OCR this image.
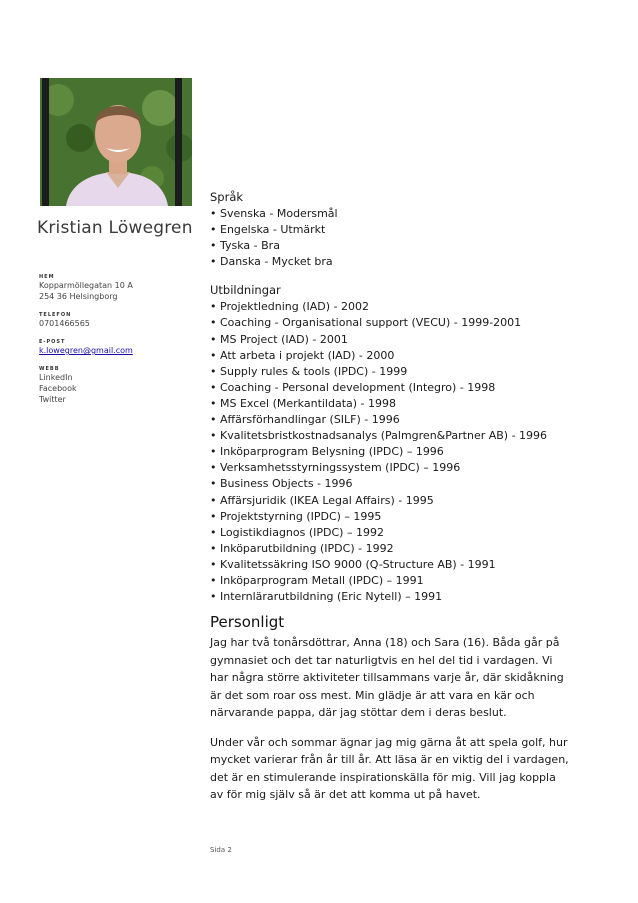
Kristian Löwegren
HEM
Kopparmöllegatan 10 A
254 36 Helsingborg
TELEFON
0701466565
E-POST
k.lowegren@gmail.com
WEBB
LinkedIn
Facebook
Twitter
Språk
• Svenska - Modersmål
• Engelska - Utmärkt
• Tyska - Bra
• Danska - Mycket bra
Utbildningar
• Projektledning (IAD) - 2002
• Coaching - Organisational support (VECU) - 1999-2001
• MS Project (IAD) - 2001
• Att arbeta i projekt (IAD) - 2000
• Supply rules & tools (IPDC) - 1999
• Coaching - Personal development (Integro) - 1998
• MS Excel (Merkantildata) - 1998
• Affärsförhandlingar (SILF) - 1996
• Kvalitetsbristkostnadsanalys (Palmgren&Partner AB) - 1996
• Inköparprogram Belysning (IPDC) – 1996
• Verksamhetsstyrningssystem (IPDC) – 1996
• Business Objects - 1996
• Affärsjuridik (IKEA Legal Affairs) - 1995
• Projektstyrning (IPDC) – 1995
• Logistikdiagnos (IPDC) – 1992
• Inköparutbildning (IPDC) - 1992
• Kvalitetssäkring ISO 9000 (Q-Structure AB) - 1991
• Inköparprogram Metall (IPDC) – 1991
• Internlärarutbildning (Eric Nytell) – 1991
Personligt

Jag har två tonårsdöttrar, Anna (18) och Sara (16). Båda går på gymnasiet och det tar naturligtvis en hel del tid i vardagen. Vi har några större aktiviteter tillsammans varje år, där skidåkning är det som roar oss mest. Min glädje är att vara en kär och närvarande pappa, där jag stöttar dem i deras beslut.

Under vår och sommar ägnar jag mig gärna åt att spela golf, hur mycket varierar från år till år. Att läsa är en viktig del i vardagen, det är en stimulerande inspirationskälla för mig. Vill jag koppla av för mig själv så är det att komma ut på havet.

Sida 2
